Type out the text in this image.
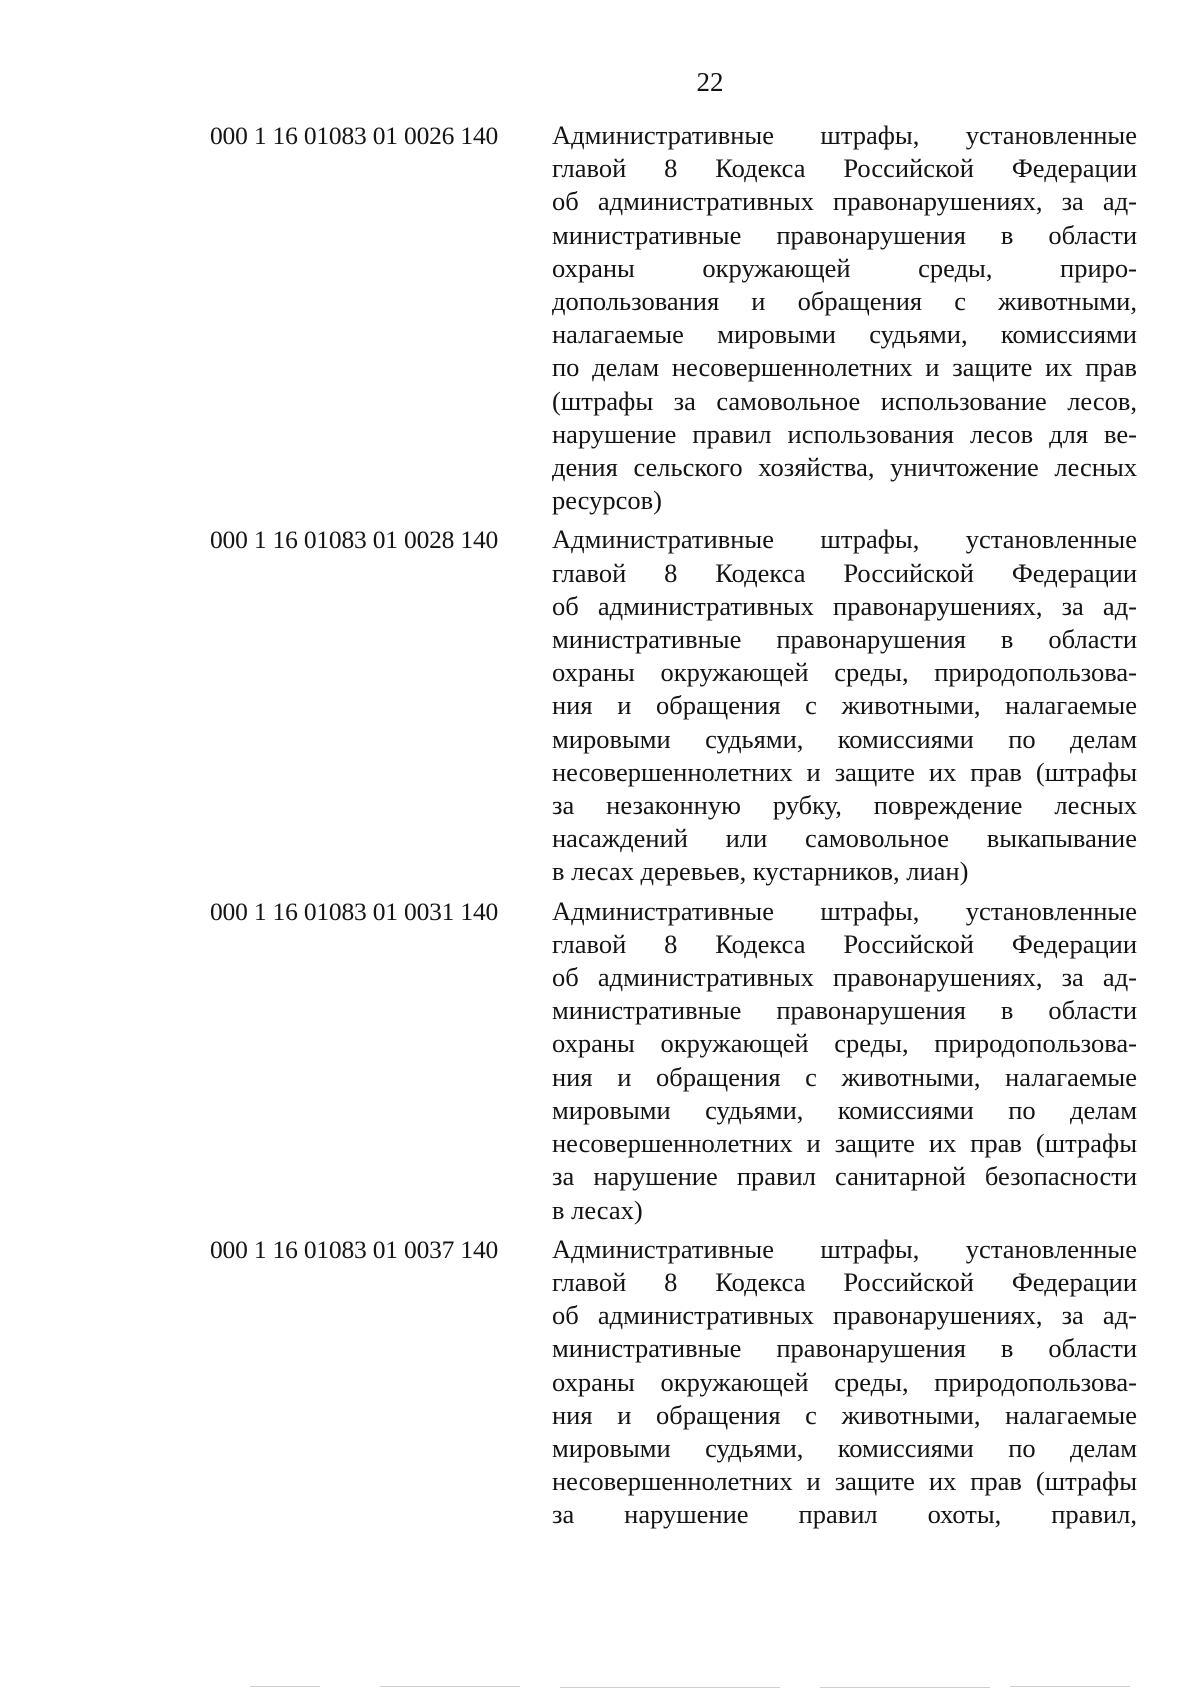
22
000 1 16 01083 01 0026 140 Административные штрафы, установленные
главой 8 Кодекса Российской Федерации
об административных правонарушениях, за ад-
министративные правонарушения в области
охраны окружающей среды, приро-
допользования и обращения с животными,
налагаемые мировыми судьями, комиссиями
по делам несовершеннолетних и защите их прав
(штрафы за самовольное использование лесов,
нарушение правил использования лесов для ве-
дения сельского хозяйства, уничтожение лесных
ресурсов)
000 1 16 01083 01 0028 140 Административные штрафы, установленные
главой 8 Кодекса Российской Федерации
об административных правонарушениях, за ад-
министративные правонарушения в области
охраны окружающей среды, природопользова-
ния и обращения с животными, налагаемые
мировыми судьями, комиссиями по делам
несовершеннолетних и защите их прав (штрафы
за незаконную рубку, повреждение лесных
насаждений или самовольное выкапывание
в лесах деревьев, кустарников, лиан)
000 1 16 01083 01 0031 140 Административные штрафы, установленные
главой 8 Кодекса Российской Федерации
об административных правонарушениях, за ад-
министративные правонарушения в области
охраны окружающей среды, природопользова-
ния и обращения с животными, налагаемые
мировыми судьями, комиссиями по делам
несовершеннолетних и защите их прав (штрафы
за нарушение правил санитарной безопасности
в лесах)
000 1 16 01083 01 0037 140 Административные штрафы, установленные
главой 8 Кодекса Российской Федерации
об административных правонарушениях, за ад-
министративные правонарушения в области
охраны окружающей среды, природопользова-
ния и обращения с животными, налагаемые
мировыми судьями, комиссиями по делам
несовершеннолетних и защите их прав (штрафы
за нарушение правил охоты, правил,
